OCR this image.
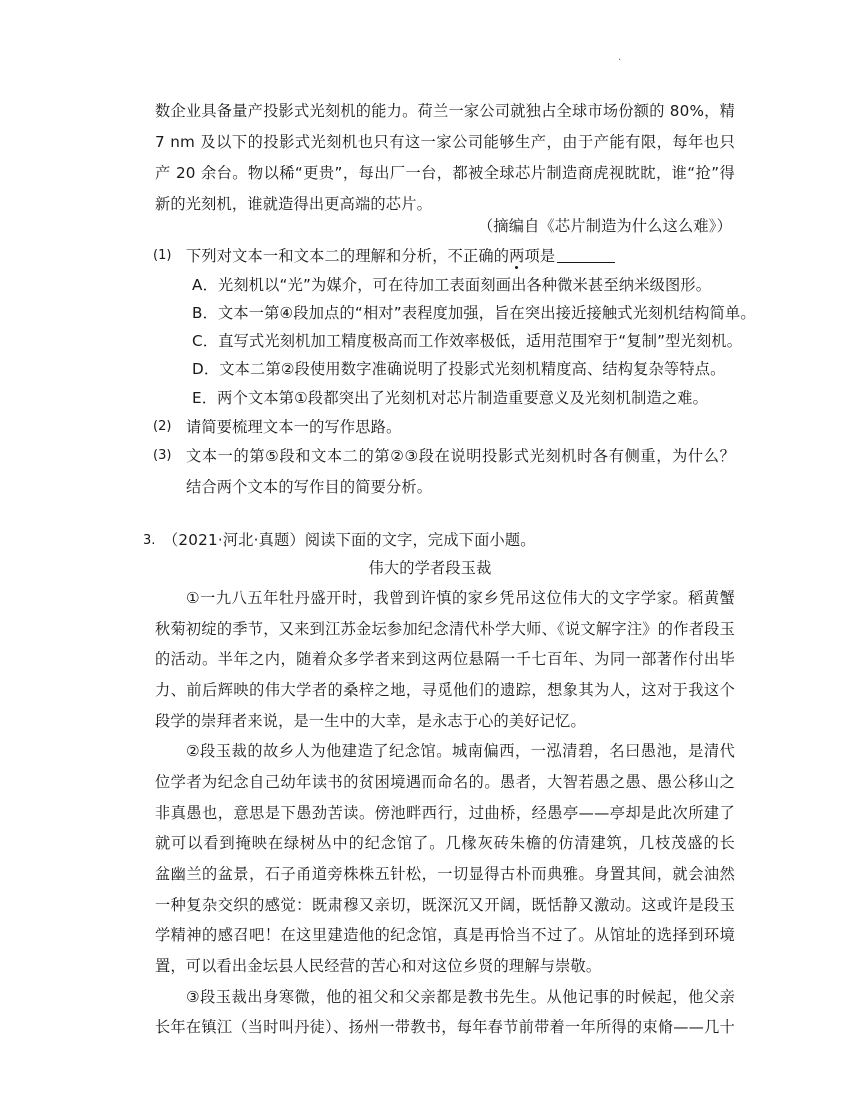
.
数企业具备量产投影式光刻机的能力。荷兰一家公司就独占全球市场份额的 80%，精
7 nm 及以下的投影式光刻机也只有这一家公司能够生产，由于产能有限，每年也只
产 20 余台。物以稀“更贵”，每出厂一台，都被全球芯片制造商虎视眈眈，谁“抢”得
新的光刻机，谁就造得出更高端的芯片。
（摘编自《芯片制造为什么这么难》）
(1) 下列对文本一和文本二的理解和分析，不正确的两项是
A．光刻机以“光”为媒介，可在待加工表面刻画出各种微米甚至纳米级图形。
B．文本一第④段加点的“相对”表程度加强，旨在突出接近接触式光刻机结构简单。
C．直写式光刻机加工精度极高而工作效率极低，适用范围窄于“复制”型光刻机。
D．文本二第②段使用数字准确说明了投影式光刻机精度高、结构复杂等特点。
E．两个文本第①段都突出了光刻机对芯片制造重要意义及光刻机制造之难。
(2) 请简要梳理文本一的写作思路。
(3) 文本一的第⑤段和文本二的第②③段在说明投影式光刻机时各有侧重，为什么？
结合两个文本的写作目的简要分析。
3. （2021·河北·真题）阅读下面的文字，完成下面小题。
伟大的学者段玉裁
①一九八五年牡丹盛开时，我曾到许慎的家乡凭吊这位伟大的文字学家。稻黄蟹
秋菊初绽的季节，又来到江苏金坛参加纪念清代朴学大师、《说文解字注》的作者段玉
的活动。半年之内，随着众多学者来到这两位悬隔一千七百年、为同一部著作付出毕
力、前后辉映的伟大学者的桑梓之地，寻觅他们的遗踪，想象其为人，这对于我这个
段学的崇拜者来说，是一生中的大幸，是永志于心的美好记忆。
②段玉裁的故乡人为他建造了纪念馆。城南偏西，一泓清碧，名曰愚池，是清代
位学者为纪念自己幼年读书的贫困境遇而命名的。愚者，大智若愚之愚、愚公移山之
非真愚也，意思是下愚劲苦读。傍池畔西行，过曲桥，经愚亭——亭却是此次所建了
就可以看到掩映在绿树丛中的纪念馆了。几椽灰砖朱檐的仿清建筑，几枝茂盛的长
盆幽兰的盆景，石子甬道旁株株五针松，一切显得古朴而典雅。身置其间，就会油然
一种复杂交织的感觉：既肃穆又亲切，既深沉又开阔，既恬静又激动。这或许是段玉
学精神的感召吧！在这里建造他的纪念馆，真是再恰当不过了。从馆址的选择到环境
置，可以看出金坛县人民经营的苦心和对这位乡贤的理解与崇敬。
③段玉裁出身寒微，他的祖父和父亲都是教书先生。从他记事的时候起，他父亲
长年在镇江（当时叫丹徒）、扬州一带教书，每年春节前带着一年所得的束脩——几十
